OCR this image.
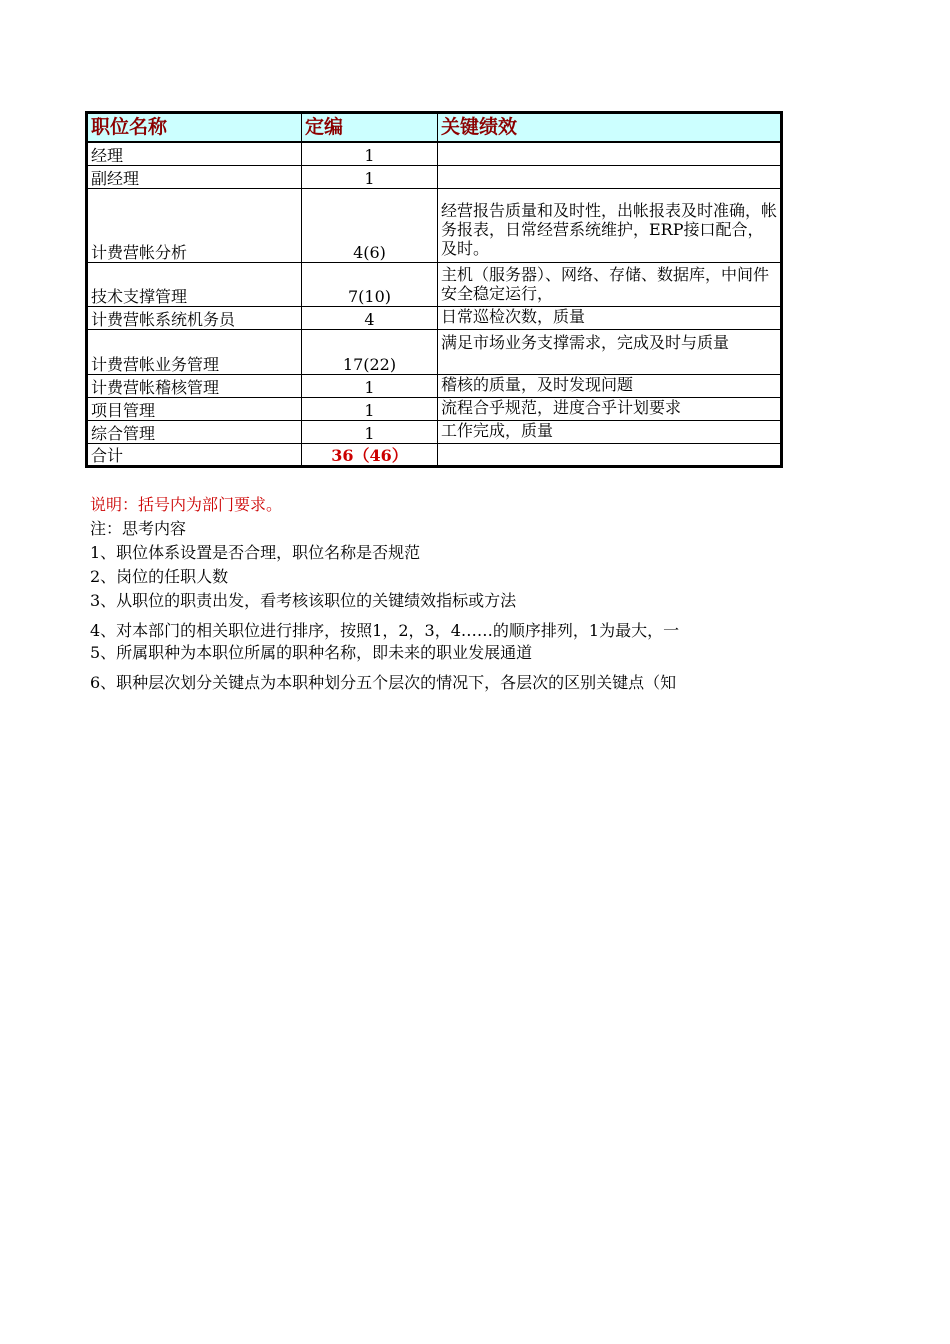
职位名称	定编	关键绩效
经理	1	
副经理	1	
计费营帐分析	4(6)	经营报告质量和及时性，出帐报表及时准确，帐务报表，日常经营系统维护，ERP接口配合，及时。
技术支撑管理	7(10)	主机（服务器）、网络、存储、数据库，中间件安全稳定运行，
计费营帐系统机务员	4	日常巡检次数，质量
计费营帐业务管理	17(22)	满足市场业务支撑需求，完成及时与质量
计费营帐稽核管理	1	稽核的质量，及时发现问题
项目管理	1	流程合乎规范，进度合乎计划要求
综合管理	1	工作完成，质量
合计	36（46）	
说明：括号内为部门要求。
注：思考内容
1、职位体系设置是否合理，职位名称是否规范
2、岗位的任职人数
3、从职位的职责出发，看考核该职位的关键绩效指标或方法
4、对本部门的相关职位进行排序，按照1，2，3，4……的顺序排列，1为最大，一
5、所属职种为本职位所属的职种名称，即未来的职业发展通道
6、职种层次划分关键点为本职种划分五个层次的情况下，各层次的区别关键点（知
